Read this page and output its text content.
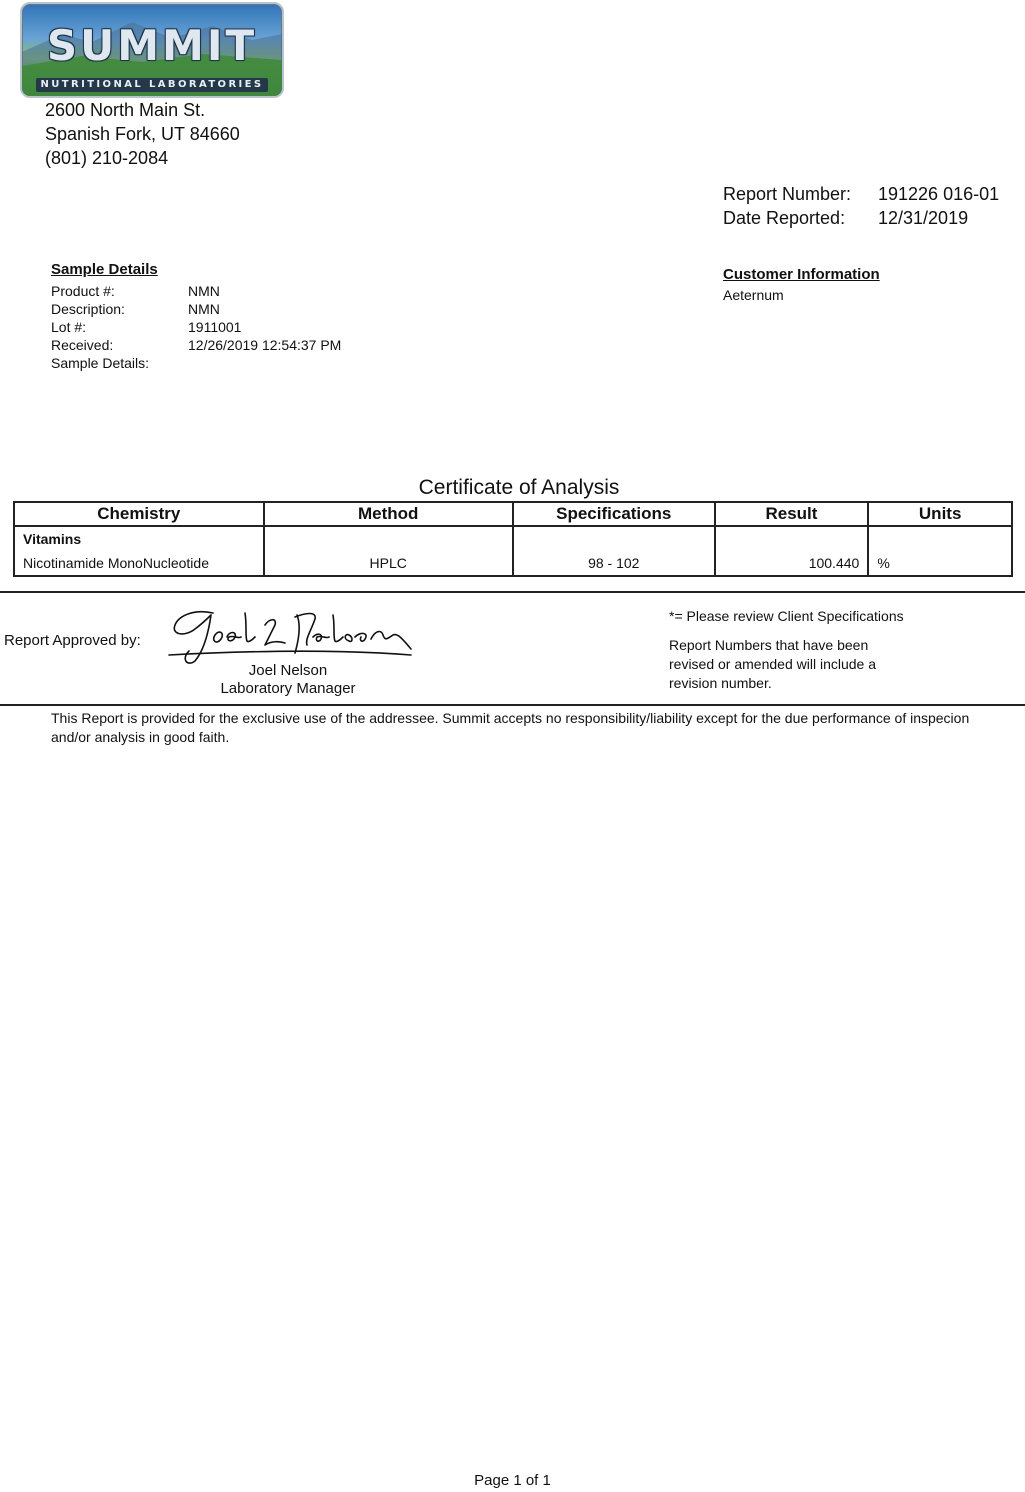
SUMMIT
NUTRITIONAL LABORATORIES
2600 North Main St.
Spanish Fork, UT 84660
(801) 210-2084
Report Number: 191226 016-01
Date Reported: 12/31/2019
Sample Details
Product #:	NMN
Description:	NMN
Lot #:	1911001
Received:	12/26/2019 12:54:37 PM
Sample Details:
Customer Information
Aeternum
Certificate of Analysis
Chemistry	Method	Specifications	Result	Units
Vitamins				
Nicotinamide MonoNucleotide	HPLC	98 - 102	100.440	%
Report Approved by:
Joel Nelson
Laboratory Manager
*= Please review Client Specifications
Report Numbers that have been
revised or amended will include a
revision number.
This Report is provided for the exclusive use of the addressee. Summit accepts no responsibility/liability except for the due performance of inspecion and/or analysis in good faith.
Page 1 of 1
